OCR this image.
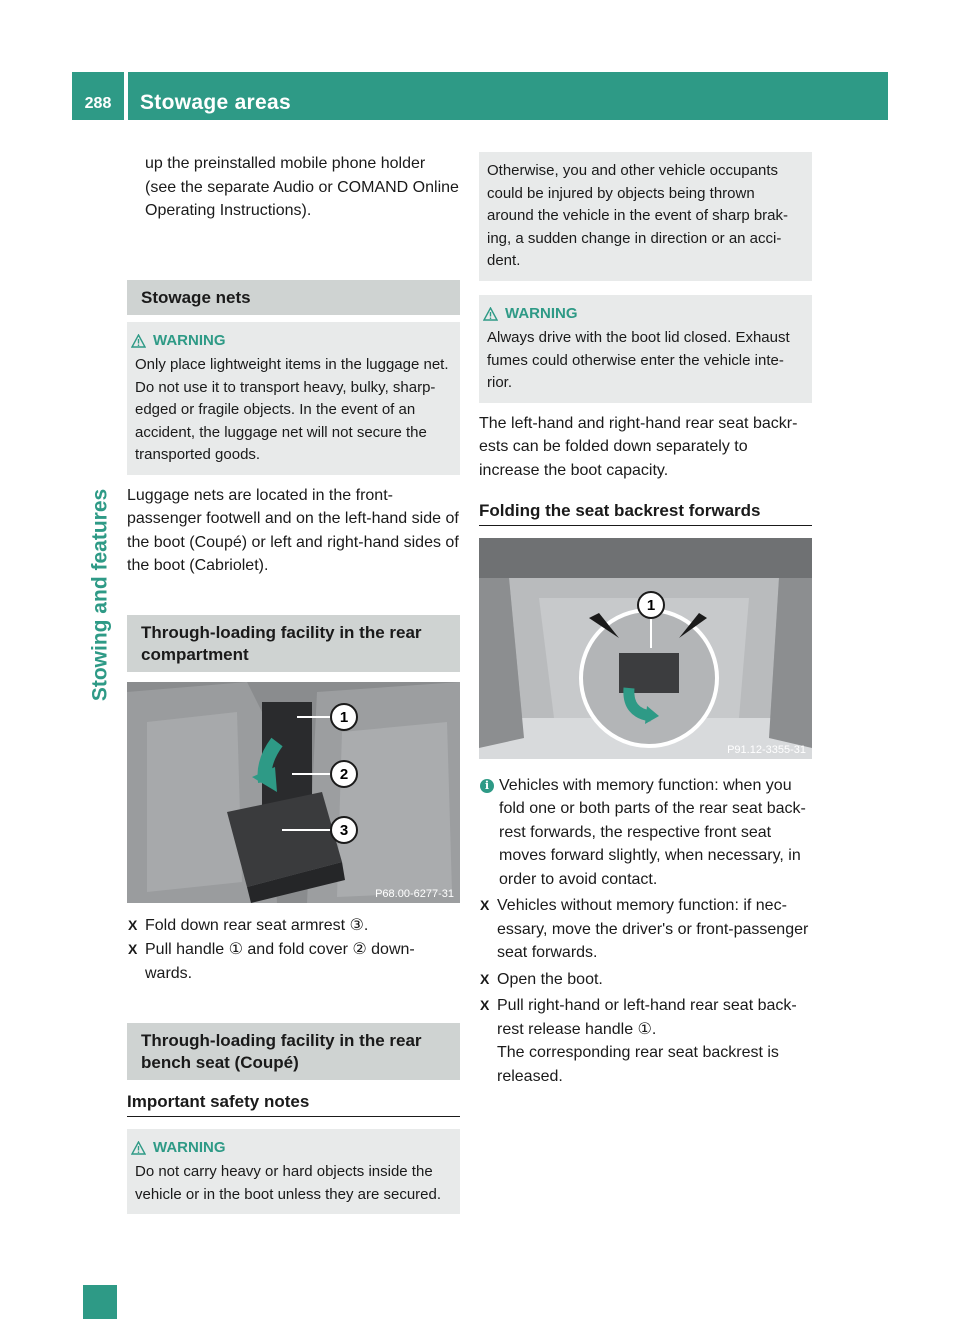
288	Stowage areas
Stowing and features

up the preinstalled mobile phone holder (see the separate Audio or COMAND Online Operating Instructions).

Stowage nets
WARNING

Only place lightweight items in the luggage net. Do not use it to transport heavy, bulky, sharp-edged or fragile objects. In the event of an accident, the luggage net will not secure the transported goods.

Luggage nets are located in the front-passenger footwell and on the left-hand side of the boot (Coupé) or left and right-hand sides of the boot (Cabriolet).

Through-loading facility in the rear compartment
1
2
3
P68.00-6277-31
X Fold down rear seat armrest ③.
X Pull handle ① and fold cover ② down-wards.
Through-loading facility in the rear bench seat (Coupé)
Important safety notes
WARNING

Do not carry heavy or hard objects inside the vehicle or in the boot unless they are secured.

Otherwise, you and other vehicle occupants could be injured by objects being thrown around the vehicle in the event of sharp brak-ing, a sudden change in direction or an acci-dent.
WARNING

Always drive with the boot lid closed. Exhaust fumes could otherwise enter the vehicle inte-rior.

The left-hand and right-hand rear seat backr-ests can be folded down separately to increase the boot capacity.

Folding the seat backrest forwards
1
P91.12-3355-31
i Vehicles with memory function: when you fold one or both parts of the rear seat back-rest forwards, the respective front seat moves forward slightly, when necessary, in order to avoid contact.
X Vehicles without memory function: if nec-essary, move the driver's or front-passenger seat forwards.
X Open the boot.
X Pull right-hand or left-hand rear seat back-rest release handle ①.

The corresponding rear seat backrest is released.
